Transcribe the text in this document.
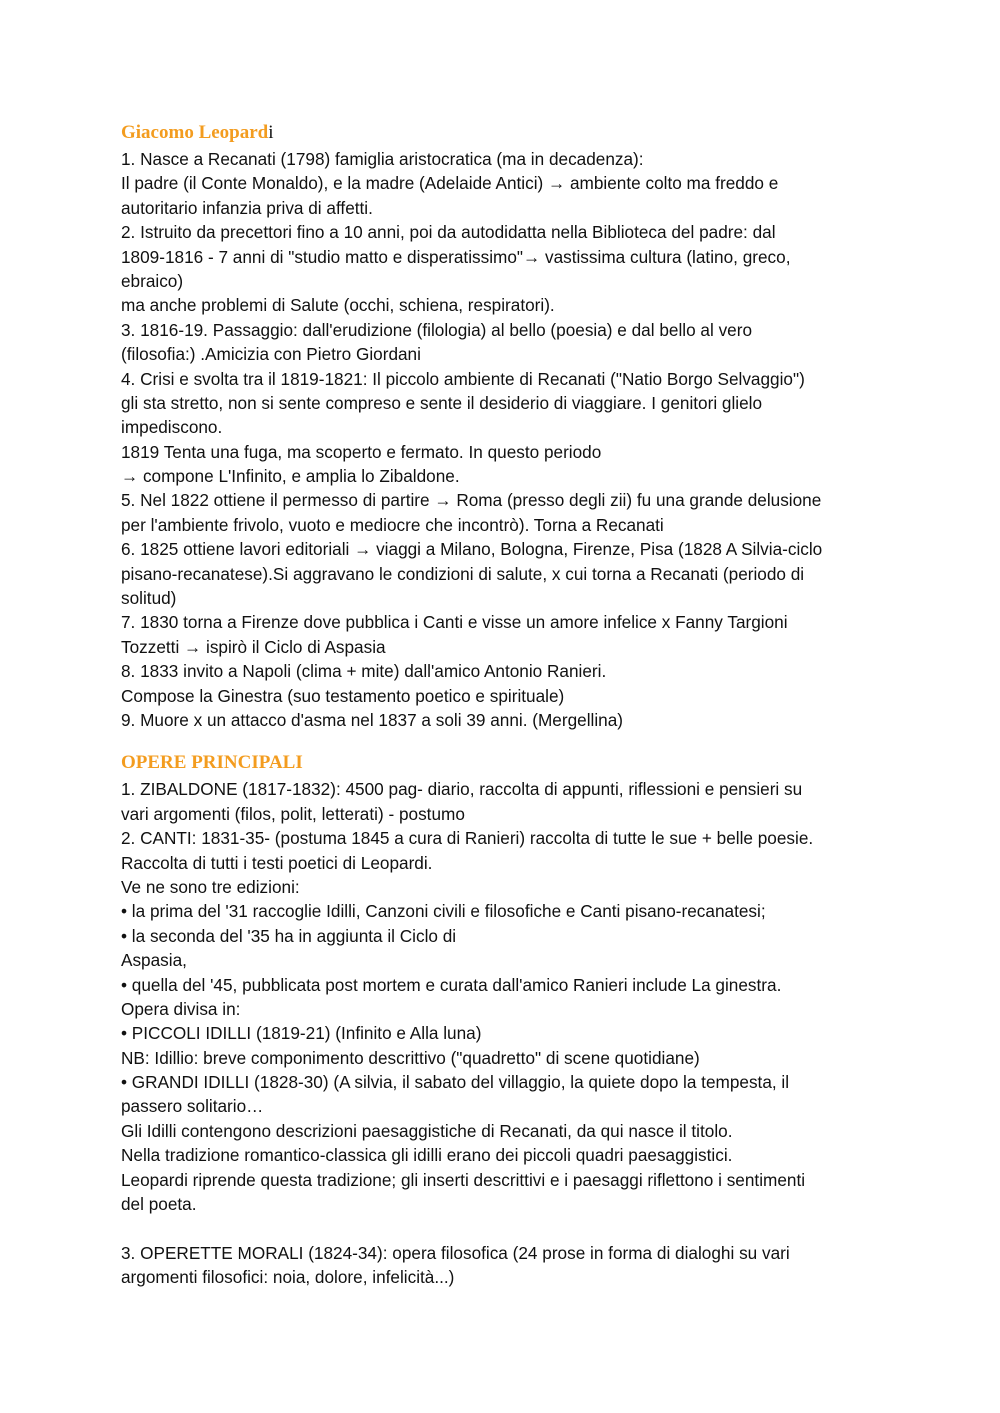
Giacomo Leopardi
1. Nasce a Recanati (1798) famiglia aristocratica (ma in decadenza):
Il padre (il Conte Monaldo), e la madre (Adelaide Antici) → ambiente colto ma freddo e
autoritario infanzia priva di affetti.
2. Istruito da precettori fino a 10 anni, poi da autodidatta nella Biblioteca del padre: dal
1809-1816 - 7 anni di "studio matto e disperatissimo"→ vastissima cultura (latino, greco,
ebraico)
ma anche problemi di Salute (occhi, schiena, respiratori).
3. 1816-19. Passaggio: dall'erudizione (filologia) al bello (poesia) e dal bello al vero
(filosofia:) .Amicizia con Pietro Giordani
4. Crisi e svolta tra il 1819-1821: Il piccolo ambiente di Recanati ("Natio Borgo Selvaggio")
gli sta stretto, non si sente compreso e sente il desiderio di viaggiare. I genitori glielo
impediscono.
1819 Tenta una fuga, ma scoperto e fermato. In questo periodo
→ compone L'Infinito, e amplia lo Zibaldone.
5. Nel 1822 ottiene il permesso di partire → Roma (presso degli zii) fu una grande delusione
per l'ambiente frivolo, vuoto e mediocre che incontrò). Torna a Recanati
6. 1825 ottiene lavori editoriali → viaggi a Milano, Bologna, Firenze, Pisa (1828 A Silvia-ciclo
pisano-recanatese).Si aggravano le condizioni di salute, x cui torna a Recanati (periodo di
solitud)
7. 1830 torna a Firenze dove pubblica i Canti e visse un amore infelice x Fanny Targioni
Tozzetti → ispirò il Ciclo di Aspasia
8. 1833 invito a Napoli (clima + mite) dall'amico Antonio Ranieri.
Compose la Ginestra (suo testamento poetico e spirituale)
9. Muore x un attacco d'asma nel 1837 a soli 39 anni. (Mergellina)
OPERE PRINCIPALI
1. ZIBALDONE (1817-1832): 4500 pag- diario, raccolta di appunti, riflessioni e pensieri su
vari argomenti (filos, polit, letterati) - postumo
2. CANTI: 1831-35- (postuma 1845 a cura di Ranieri) raccolta di tutte le sue + belle poesie.
Raccolta di tutti i testi poetici di Leopardi.
Ve ne sono tre edizioni:
• la prima del '31 raccoglie Idilli, Canzoni civili e filosofiche e Canti pisano-recanatesi;
• la seconda del '35 ha in aggiunta il Ciclo di
Aspasia,
• quella del '45, pubblicata post mortem e curata dall'amico Ranieri include La ginestra.
Opera divisa in:
• PICCOLI IDILLI (1819-21) (Infinito e Alla luna)
NB: Idillio: breve componimento descrittivo ("quadretto" di scene quotidiane)
• GRANDI IDILLI (1828-30) (A silvia, il sabato del villaggio, la quiete dopo la tempesta, il
passero solitario…
Gli Idilli contengono descrizioni paesaggistiche di Recanati, da qui nasce il titolo.
Nella tradizione romantico-classica gli idilli erano dei piccoli quadri paesaggistici.
Leopardi riprende questa tradizione; gli inserti descrittivi e i paesaggi riflettono i sentimenti
del poeta.
3. OPERETTE MORALI (1824-34): opera filosofica (24 prose in forma di dialoghi su vari
argomenti filosofici: noia, dolore, infelicità...)
